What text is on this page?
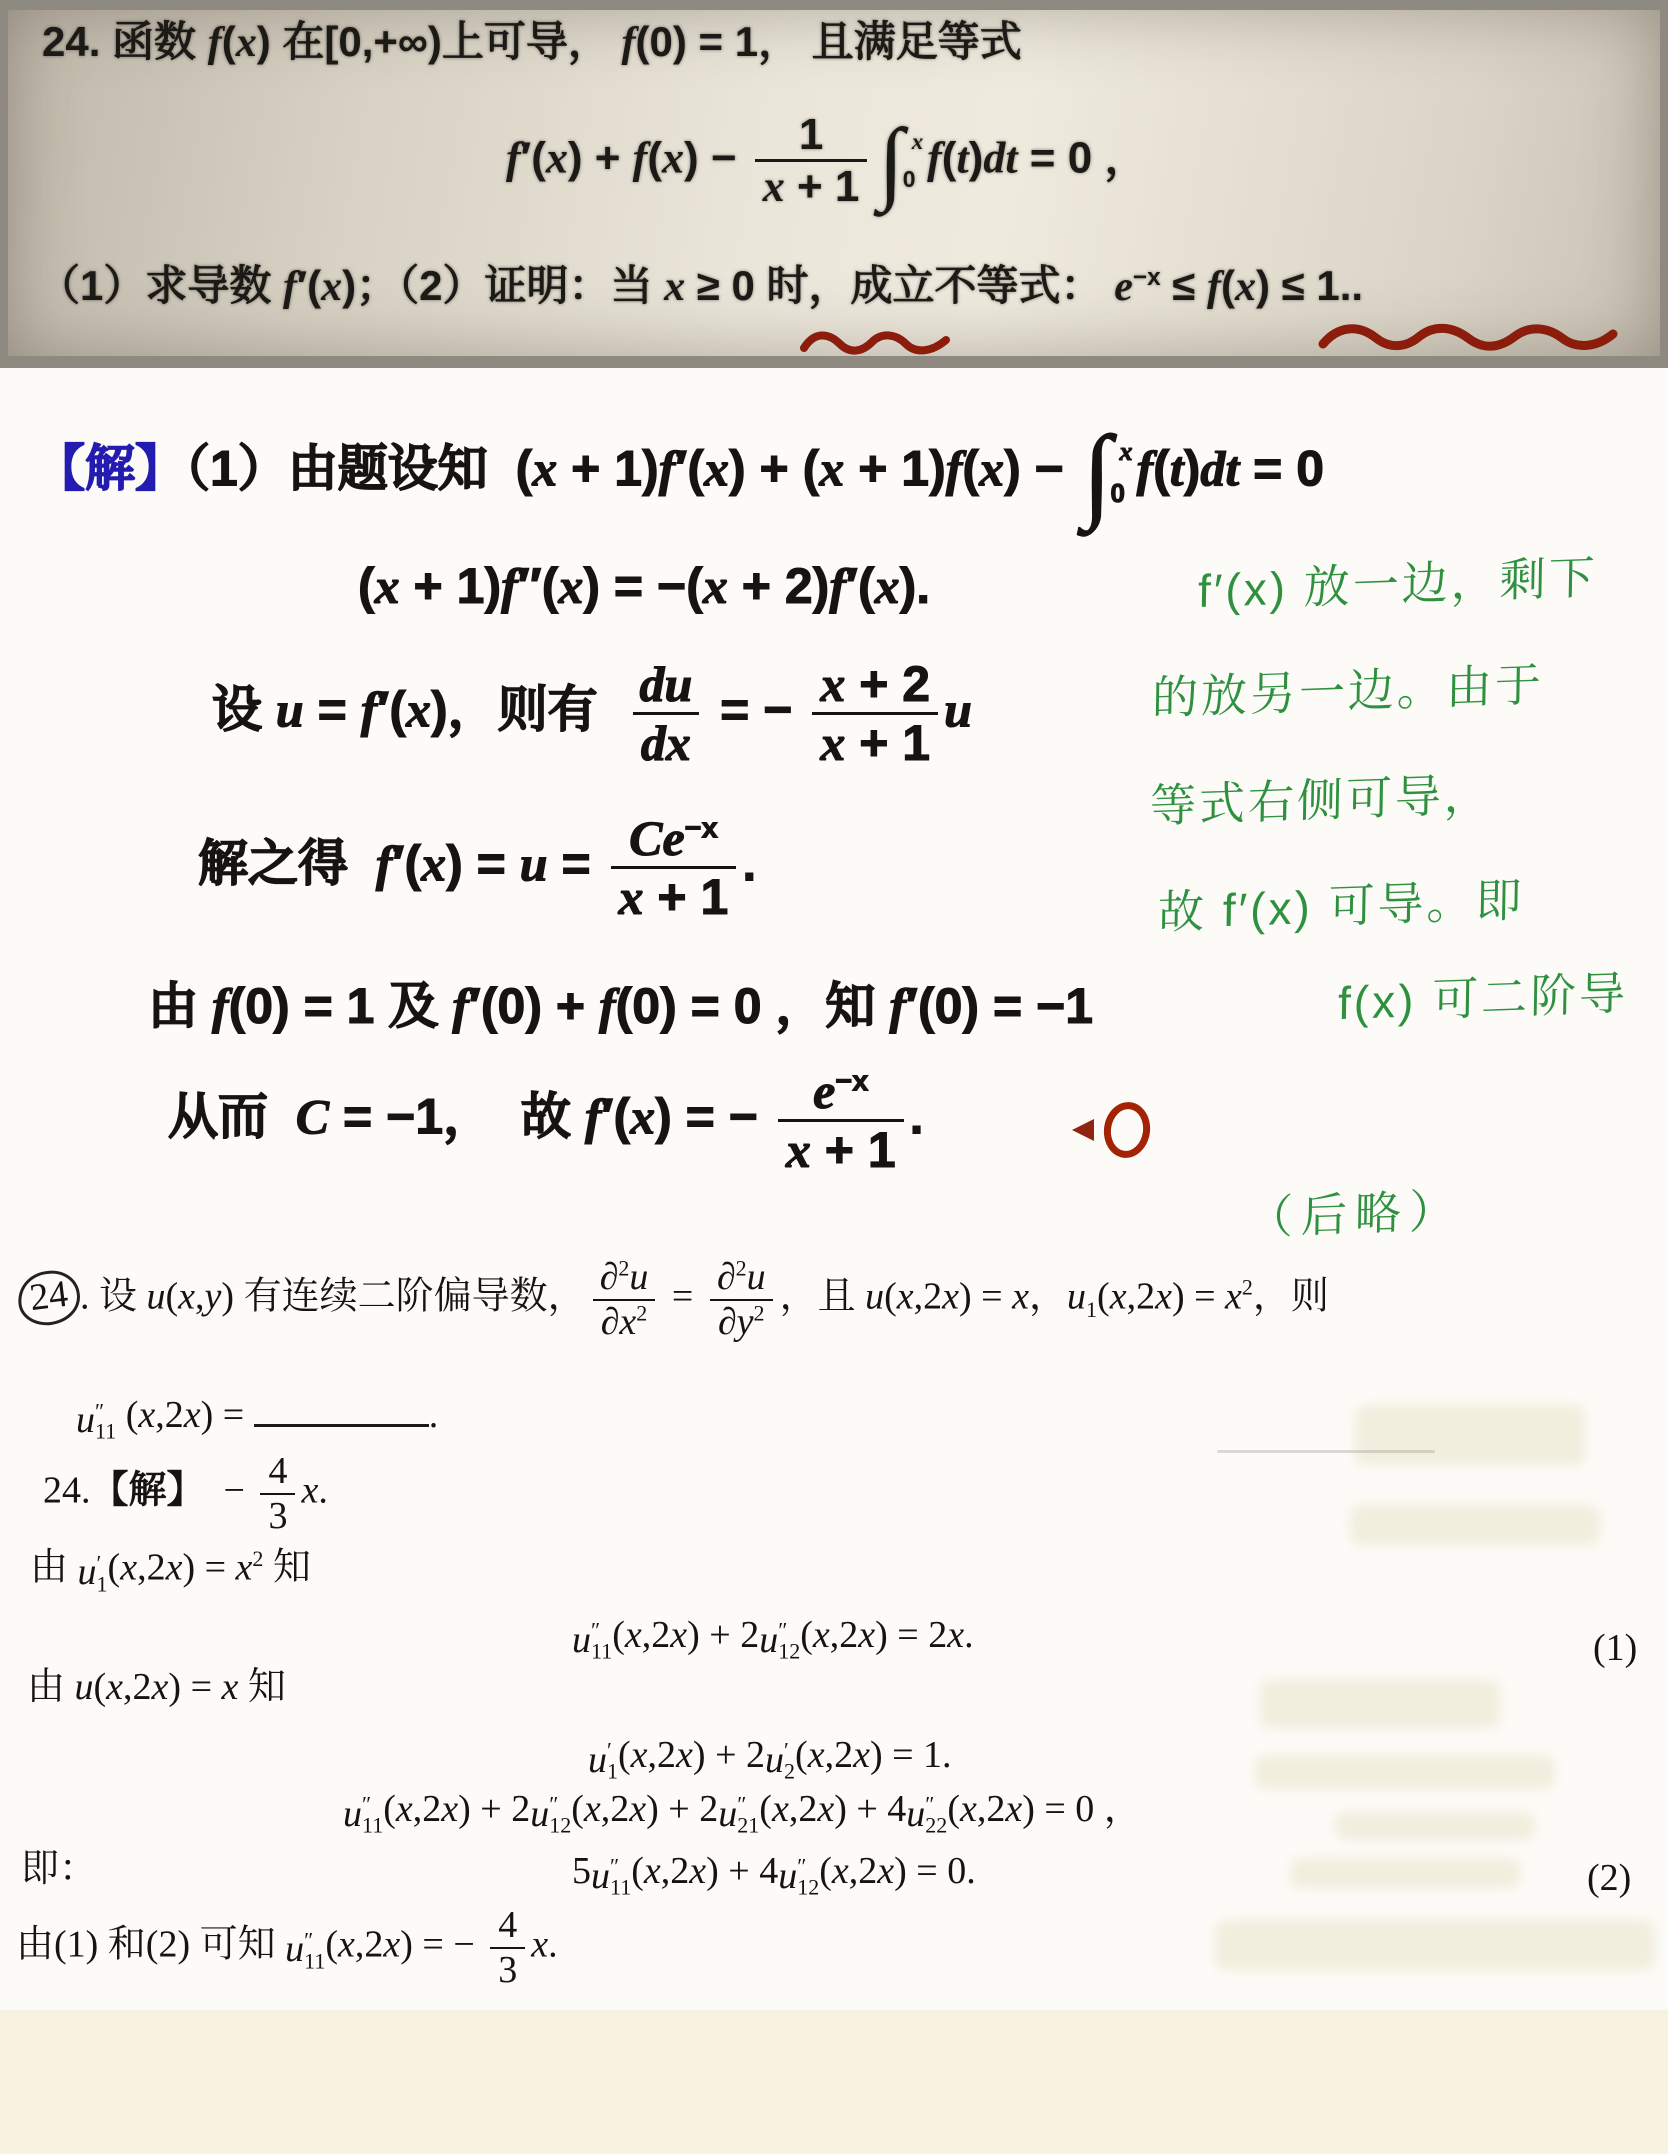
24. 函数 f(x) 在[0,+∞)上可导， f(0) = 1， 且满足等式
$f'(x) + f(x) - \frac{1}{x + 1}$ ∫ x
0 f(t)dt = 0 ，
（1）求导数 f′(x)；（2）证明：当 x ≥ 0 时，成立不等式： $e^{-x} \le f(x) \le 1$..
【解】（1）由题设知  (x + 1)f′(x) + (x + 1)f(x) − ∫ x
0 f(t)dt = 0
(x + 1)f″(x) = −(x + 2)f′(x).
设 u = f′(x)，则有 $\frac{du}{dx}$ = − $\frac{x + 2}{x + 1}$ u
解之得  $f'(x) = u = \frac{Ce^{-x}}{x + 1}$ .
由 f(0) = 1 及 f′(0) + f(0) = 0 ，知 f′(0) = −1
从而  C = −1，  故 f′(x) = − $\frac{e^{-x}}{x + 1}$ .
f′(x) 放一边，剩下
的放另一边。由于
等式右侧可导，
故 f′(x) 可导。即
f(x) 可二阶导
（后略）
24 . 设 u(x,y) 有连续二阶偏导数， $\frac{\partial^2u}{\partial x^2} = \frac{\partial^2u}{\partial y^2}$ ，且 u(x,2x) = x，$u_1(x,2x) = x^2$，则
u ″
11 (x,2x) =	.
24.【解】  − $\frac{4}{3} x$.
由 u ′
1 $(x,2x) = x^2$ 知
u ″
11 (x,2x) + 2 u ″
12 (x,2x) = 2x.	(1)
由 u(x,2x) = x 知
u ′
1 (x,2x) + 2 u ′
2 (x,2x) = 1.
u ″
11 (x,2x) + 2 u ″
12 (x,2x) + 2 u ″
21 (x,2x) + 4 u ″
22 (x,2x) = 0 ，
即：	5 u ″
11 (x,2x) + 4 u ″
12 (x,2x) = 0.	(2)
由(1) 和(2) 可知 u ″
11 (x,2x) = − $\frac{4}{3} x$.
